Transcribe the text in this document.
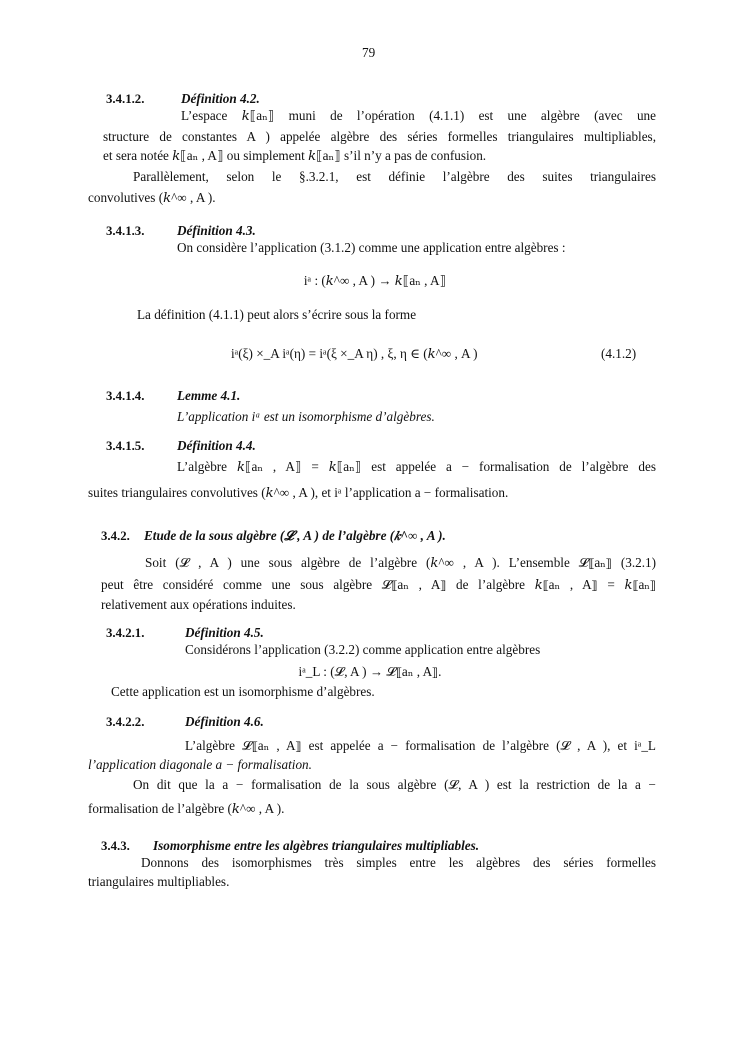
79
3.4.1.2.	Définition 4.2.
L’espace 𝑘⟦aₙ⟧ muni de l’opération (4.1.1) est une algèbre (avec une
structure de constantes A ) appelée algèbre des séries formelles triangulaires multipliables,
et sera notée 𝑘⟦aₙ , A⟧ ou simplement 𝑘⟦aₙ⟧ s’il n’y a pas de confusion.
Parallèlement, selon le §.3.2.1, est définie l’algèbre des suites triangulaires
convolutives (𝑘^∞ , A ).
3.4.1.3. Définition 4.3.
On considère l’application (3.1.2) comme une application entre algèbres :
iᵃ : (𝑘^∞ , A ) → 𝑘⟦aₙ , A⟧
La définition (4.1.1) peut alors s’écrire sous la forme
iᵃ(ξ) ×_A iᵃ(η) = iᵃ(ξ ×_A η) , ξ, η ∈ (𝑘^∞ , A )	(4.1.2)
3.4.1.4. Lemme 4.1.
L’application iᵃ est un isomorphisme d’algèbres.
3.4.1.5. Définition 4.4.
L’algèbre 𝑘⟦aₙ , A⟧ = 𝑘⟦aₙ⟧ est appelée a − formalisation de l’algèbre des
suites triangulaires convolutives (𝑘^∞ , A ), et iᵃ l’application a − formalisation.
3.4.2. Etude de la sous algèbre (𝓛 , A ) de l’algèbre (𝑘^∞ , A ).
Soit (𝓛 , A ) une sous algèbre de l’algèbre (𝑘^∞ , A ). L’ensemble 𝓛⟦aₙ⟧ (3.2.1)
peut être considéré comme une sous algèbre 𝓛⟦aₙ , A⟧ de l’algèbre 𝑘⟦aₙ , A⟧ = 𝑘⟦aₙ⟧
relativement aux opérations induites.
3.4.2.1.	Définition 4.5.
Considérons l’application (3.2.2) comme application entre algèbres
iᵃ_L : (𝓛, A ) → 𝓛⟦aₙ , A⟧.
Cette application est un isomorphisme d’algèbres.
3.4.2.2.	Définition 4.6.
L’algèbre 𝓛⟦aₙ , A⟧ est appelée a − formalisation de l’algèbre (𝓛 , A ), et iᵃ_L
l’application diagonale a − formalisation.
On dit que la a − formalisation de la sous algèbre (𝓛, A ) est la restriction de la a −
formalisation de l’algèbre (𝑘^∞ , A ).
3.4.3. Isomorphisme entre les algèbres triangulaires multipliables.
Donnons des isomorphismes très simples entre les algèbres des séries formelles
triangulaires multipliables.
